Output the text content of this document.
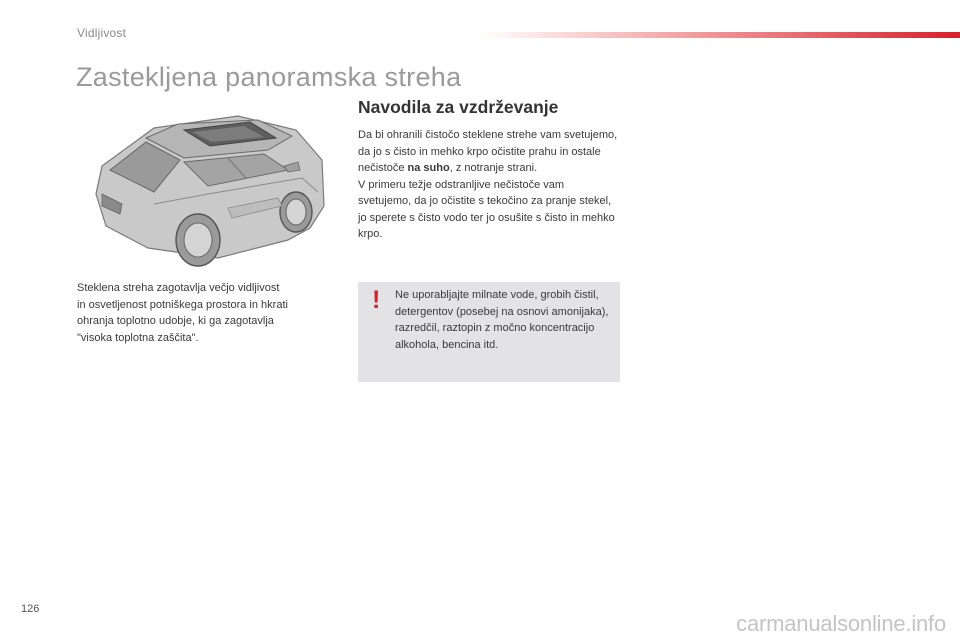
Vidljivost
Zastekljena panoramska streha
Steklena streha zagotavlja večjo vidljivost
in osvetljenost potniškega prostora in hkrati
ohranja toplotno udobje, ki ga zagotavlja
"visoka toplotna zaščita".
Navodila za vzdrževanje

Da bi ohranili čistočo steklene strehe vam svetujemo, da jo s čisto in mehko krpo očistite prahu in ostale nečistoče na suho, z notranje strani.

V primeru težje odstranljive nečistoče vam svetujemo, da jo očistite s tekočino za pranje stekel, jo sperete s čisto vodo ter jo osušite s čisto in mehko krpo.

! Ne uporabljajte milnate vode, grobih čistil, detergentov (posebej na osnovi amonijaka), razredčil, raztopin z močno koncentracijo alkohola, bencina itd.
126
carmanualsonline.info
